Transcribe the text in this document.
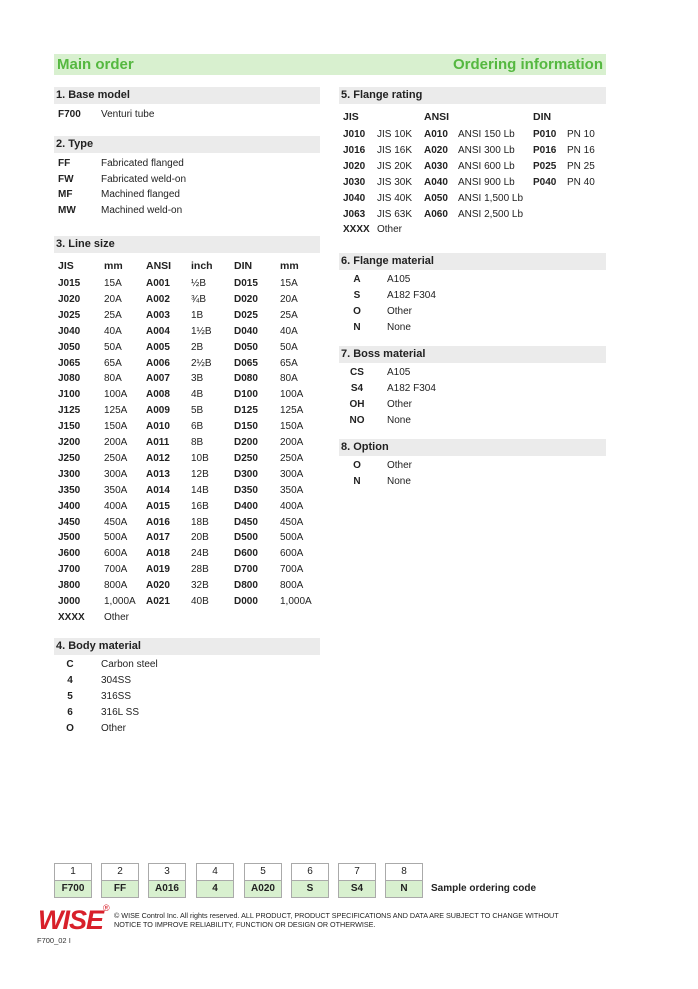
Main order	Ordering information
1. Base model
F700 Venturi tube
2. Type
FF	Fabricated flanged
FW	Fabricated weld-on
MF	Machined flanged
MW	Machined weld-on
3. Line size
JIS	mm ANSI inch DIN	mm
J015 15A A001 ½B	D015 15A
J020 20A A002 ¾B	D020 20A
J025 25A A003 1B	D025 25A
J040 40A A004 1½B D040 40A
J050 50A A005 2B	D050 50A
J065 65A A006 2½B D065 65A
J080 80A A007 3B	D080 80A
J100 100A A008 4B	D100 100A
J125 125A A009 5B	D125 125A
J150 150A A010 6B	D150 150A
J200 200A A011 8B	D200 200A
J250 250A A012 10B	D250 250A
J300 300A A013 12B	D300 300A
J350 350A A014 14B	D350 350A
J400 400A A015 16B	D400 400A
J450 450A A016 18B	D450 450A
J500 500A A017 20B	D500 500A
J600 600A A018 24B	D600 600A
J700 700A A019 28B	D700 700A
J800 800A A020 32B	D800 800A
J000 1,000A A021 40B	D000 1,000A
XXXX Other
4. Body material
C	Carbon steel
4	304SS
5	316SS
6	316L SS
O	Other
5. Flange rating
JIS	ANSI	DIN
J010 JIS 10K A010 ANSI 150 Lb P010 PN 10
J016 JIS 16K A020 ANSI 300 Lb P016 PN 16
J020 JIS 20K A030 ANSI 600 Lb P025 PN 25
J030 JIS 30K A040 ANSI 900 Lb P040 PN 40
J040 JIS 40K A050 ANSI 1,500 Lb
J063 JIS 63K A060 ANSI 2,500 Lb
XXXX Other
6. Flange material
A	A105
S	A182 F304
O	Other
N	None
7. Boss material
CS	A105
S4	A182 F304
OH	Other
NO	None
8. Option
O	Other
N	None
1
F700
2
FF
3
A016
4
4
5
A020
6
S
7
S4
8
N	Sample ordering code
WISE ®
© WISE Control Inc. All rights reserved. ALL PRODUCT, PRODUCT SPECIFICATIONS AND DATA ARE SUBJECT TO CHANGE WITHOUT
NOTICE TO IMPROVE RELIABILITY, FUNCTION OR DESIGN OR OTHERWISE.
F700_02 I
